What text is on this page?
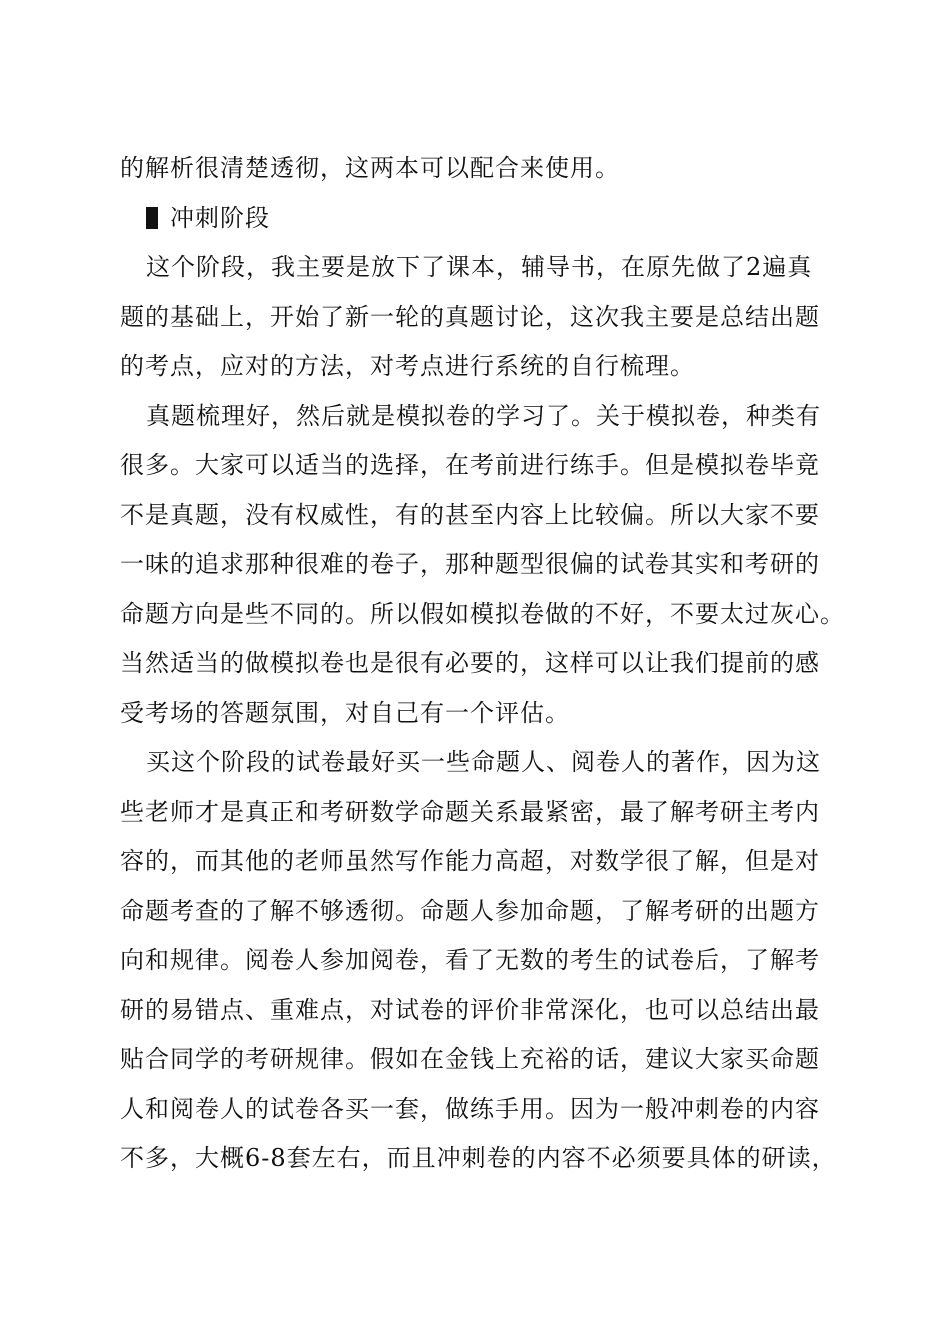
的解析很清楚透彻，这两本可以配合来使用。
冲刺阶段
这个阶段，我主要是放下了课本，辅导书，在原先做了2遍真
题的基础上，开始了新一轮的真题讨论，这次我主要是总结出题
的考点，应对的方法，对考点进行系统的自行梳理。
真题梳理好，然后就是模拟卷的学习了。关于模拟卷，种类有
很多。大家可以适当的选择，在考前进行练手。但是模拟卷毕竟
不是真题，没有权威性，有的甚至内容上比较偏。所以大家不要
一味的追求那种很难的卷子，那种题型很偏的试卷其实和考研的
命题方向是些不同的。所以假如模拟卷做的不好，不要太过灰心。
当然适当的做模拟卷也是很有必要的，这样可以让我们提前的感
受考场的答题氛围，对自己有一个评估。
买这个阶段的试卷最好买一些命题人、阅卷人的著作，因为这
些老师才是真正和考研数学命题关系最紧密，最了解考研主考内
容的，而其他的老师虽然写作能力高超，对数学很了解，但是对
命题考查的了解不够透彻。命题人参加命题，了解考研的出题方
向和规律。阅卷人参加阅卷，看了无数的考生的试卷后，了解考
研的易错点、重难点，对试卷的评价非常深化，也可以总结出最
贴合同学的考研规律。假如在金钱上充裕的话，建议大家买命题
人和阅卷人的试卷各买一套，做练手用。因为一般冲刺卷的内容
不多，大概6-8套左右，而且冲刺卷的内容不必须要具体的研读，
